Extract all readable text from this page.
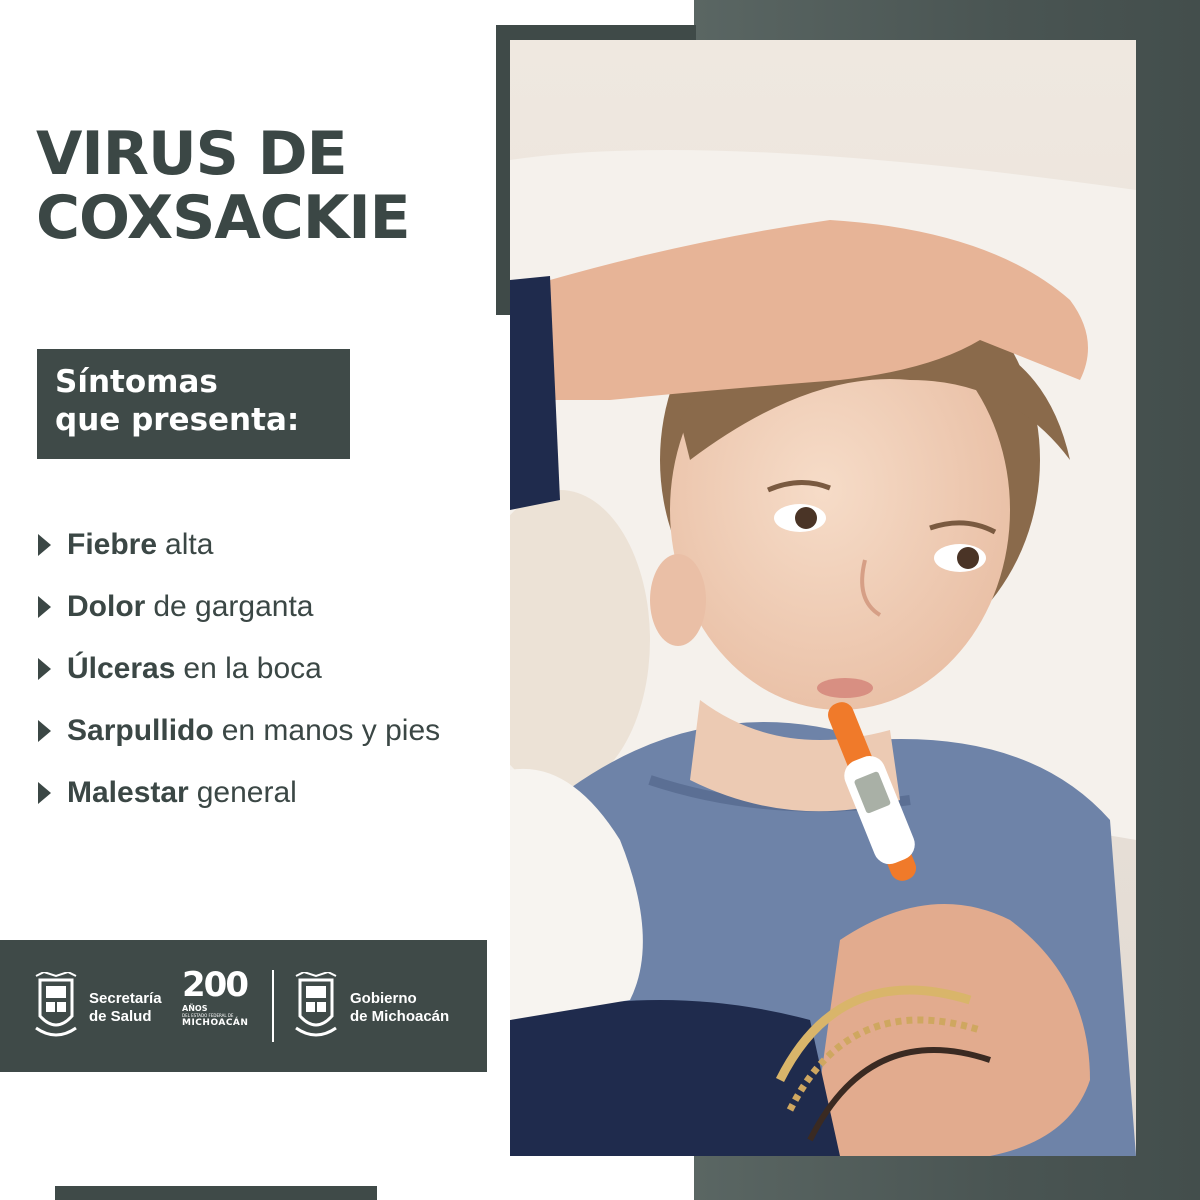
VIRUS DE
COXSACKIE
Síntomas
que presenta:
Fiebre alta
Dolor de garganta
Úlceras en la boca
Sarpullido en manos y pies
Malestar general
Secretaría
de Salud
200
AÑOS
DEL ESTADO FEDERAL DE
MICHOACÁN
Gobierno
de Michoacán
